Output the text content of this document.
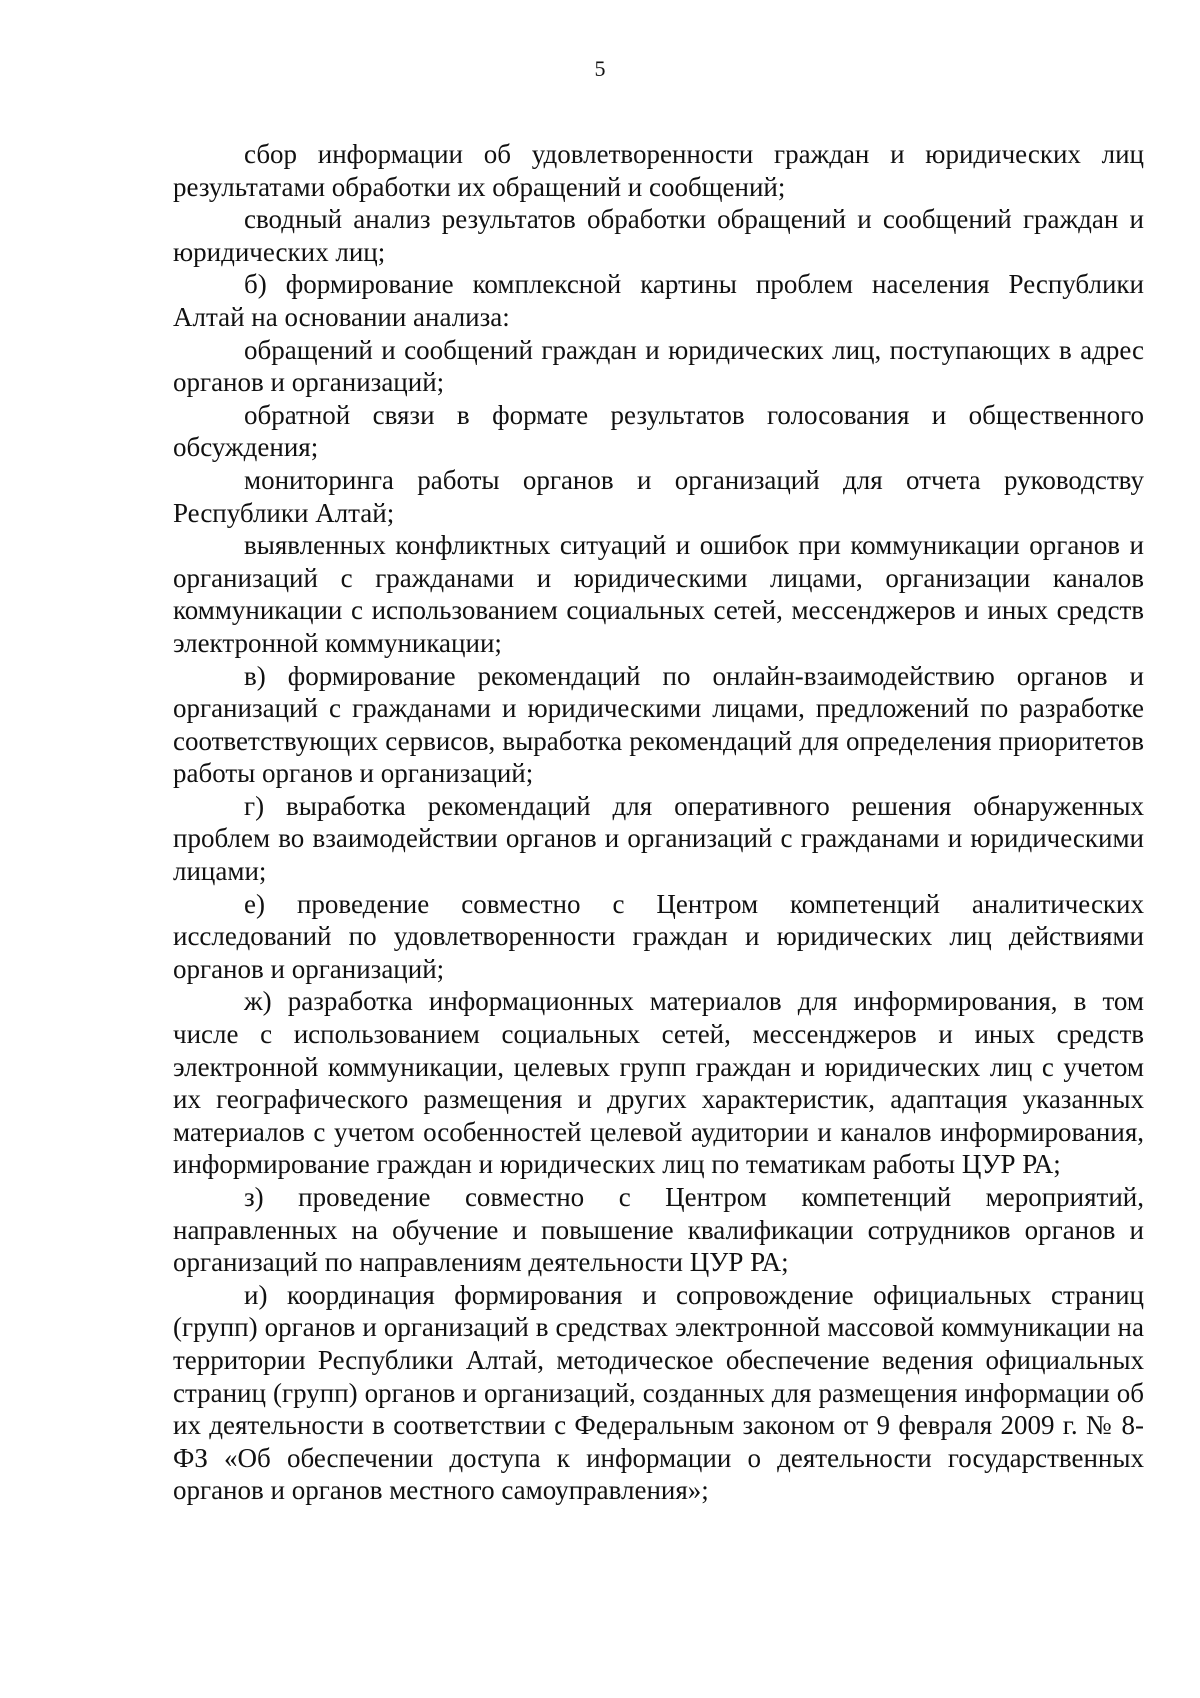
5

сбор информации об удовлетворенности граждан и юридических лиц результатами обработки их обращений и сообщений;

сводный анализ результатов обработки обращений и сообщений граждан и юридических лиц;

б) формирование комплексной картины проблем населения Республики Алтай на основании анализа:

обращений и сообщений граждан и юридических лиц, поступающих в адрес органов и организаций;

обратной связи в формате результатов голосования и общественного обсуждения;

мониторинга работы органов и организаций для отчета руководству Республики Алтай;

выявленных конфликтных ситуаций и ошибок при коммуникации органов и организаций с гражданами и юридическими лицами, организации каналов коммуникации с использованием социальных сетей, мессенджеров и иных средств электронной коммуникации;

в) формирование рекомендаций по онлайн-взаимодействию органов и организаций с гражданами и юридическими лицами, предложений по разработке соответствующих сервисов, выработка рекомендаций для определения приоритетов работы органов и организаций;

г) выработка рекомендаций для оперативного решения обнаруженных проблем во взаимодействии органов и организаций с гражданами и юридическими лицами;

е) проведение совместно с Центром компетенций аналитических исследований по удовлетворенности граждан и юридических лиц действиями органов и организаций;

ж) разработка информационных материалов для информирования, в том числе с использованием социальных сетей, мессенджеров и иных средств электронной коммуникации, целевых групп граждан и юридических лиц с учетом их географического размещения и других характеристик, адаптация указанных материалов с учетом особенностей целевой аудитории и каналов информирования, информирование граждан и юридических лиц по тематикам работы ЦУР РА;

з) проведение совместно с Центром компетенций мероприятий, направленных на обучение и повышение квалификации сотрудников органов и организаций по направлениям деятельности ЦУР РА;

и) координация формирования и сопровождение официальных страниц (групп) органов и организаций в средствах электронной массовой коммуникации на территории Республики Алтай, методическое обеспечение ведения официальных страниц (групп) органов и организаций, созданных для размещения информации об их деятельности в соответствии с Федеральным законом от 9 февраля 2009 г. № 8-ФЗ «Об обеспечении доступа к информации о деятельности государственных органов и органов местного самоуправления»;
